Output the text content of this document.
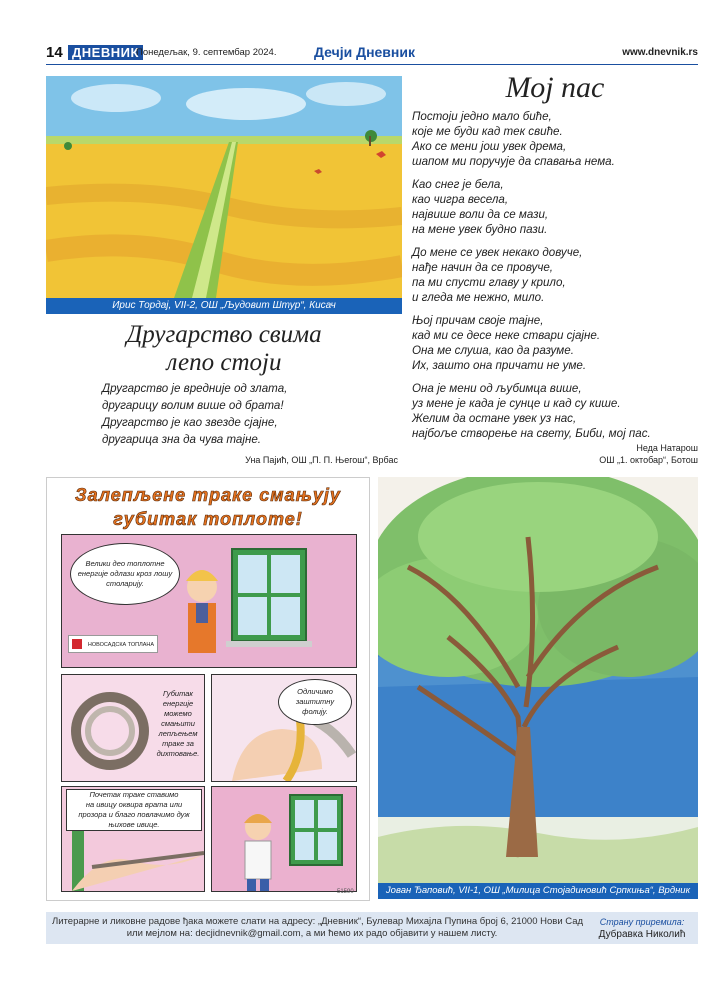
14 ДНЕВНИК
Понедељак, 9. септембар 2024.	Дечји Дневник	www.dnevnik.rs
Ирис Тордај, VII-2, ОШ „Људовит Штур“, Кисач
Другарство свима
лепо стоји
Другарство је вредније од злата,
другарицу волим више од брата!
Другарство је као звезде сјајне,
другарица зна да чува тајне.
Уна Пајић, ОШ „П. П. Његош“, Врбас
Мој пас
Постоји једно мало биће,
које ме буди кад тек свиће.
Ако се мени још увек дрема,
шапом ми поручује да спавања нема.
Као снег је бела,
као чигра весела,
највише воли да се мази,
на мене увек будно пази.
До мене се увек некако довуче,
нађе начин да се провуче,
па ми спусти главу у крило,
и гледа ме нежно, мило.
Њој причам своје тајне,
кад ми се десе неке ствари сјајне.
Она ме слуша, као да разуме.
Их, зашто она причати не уме.
Она је мени од љубимца више,
уз мене је када је сунце и кад су кише.
Желим да остане увек уз нас,
најбоље створење на свету, Биби, мој пас.
Неда Натарош
ОШ „1. октобар“, Ботош
Залепљене траке смањују
губитак топлоте!
Велики део топлотне енергије одлази кроз лошу столарију.
НОВОСАДСКА ТОПЛАНА
Губитак
енергије
можемо
смањити
лепљењем
траке за
дихтовање.
Одличимо заштитну фолију.
Почетак траке ставимо
на ивицу оквира врата или
прозора и благо повлачимо дуж
њихове ивице.
51590	Јован Ђаповић, VII-1, ОШ „Милица Стојадиновић Српкиња“, Врдник
Литерарне и ликовне радове ђака можете слати на адресу: „Дневник“, Булевар Михајла Пупина број 6, 21000 Нови Сад
или мејлом на: decjidnevnik@gmail.com, а ми ћемо их радо објавити у нашем листу.
Страну приремила:
Дубравка Николић
